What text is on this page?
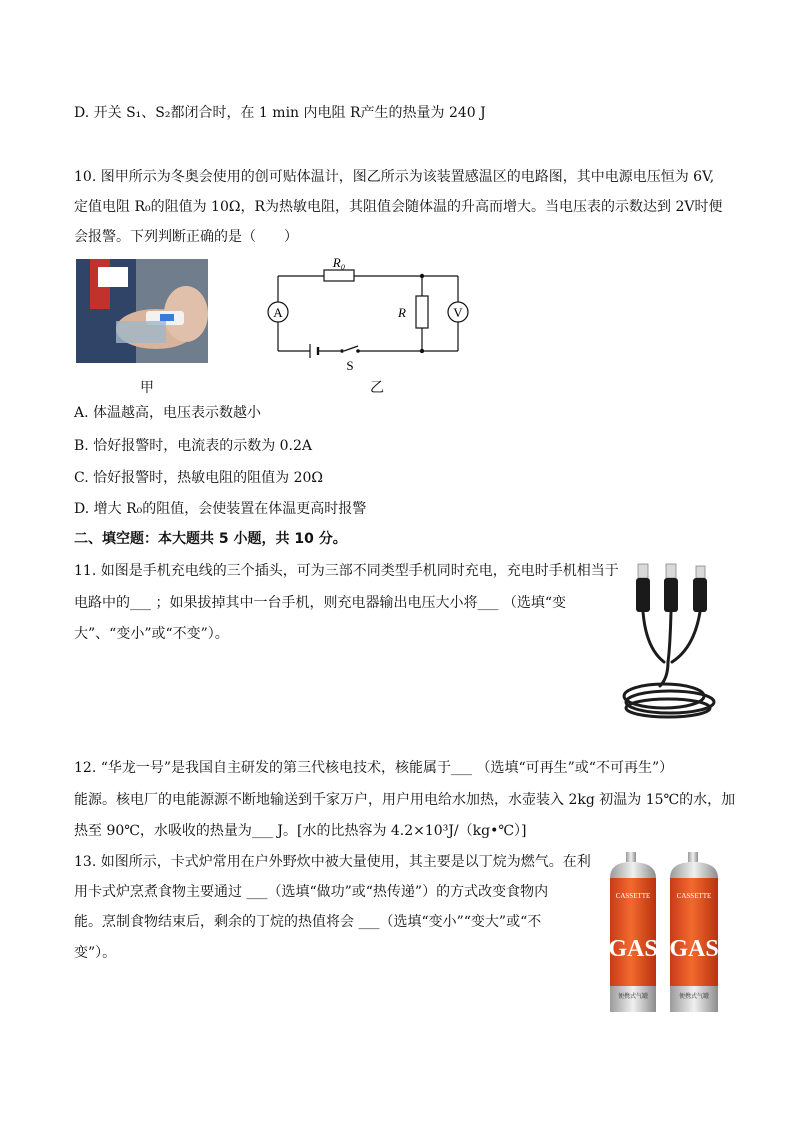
D. 开关 S₁、S₂都闭合时，在 1 min 内电阻 R产生的热量为 240 J
10. 图甲所示为冬奥会使用的创可贴体温计，图乙所示为该装置感温区的电路图，其中电源电压恒为 6V,
定值电阻 R₀的阻值为 10Ω，R为热敏电阻，其阻值会随体温的升高而增大。当电压表的示数达到 2V时便
会报警。下列判断正确的是（　　）
甲
A	V
R₀
R
S
乙
A. 体温越高，电压表示数越小
B. 恰好报警时，电流表的示数为 0.2A
C. 恰好报警时，热敏电阻的阻值为 20Ω
D. 增大 R₀的阻值，会使装置在体温更高时报警
二、填空题：本大题共 5 小题，共 10 分。
11. 如图是手机充电线的三个插头，可为三部不同类型手机同时充电，充电时手机相当于
电路中的___ ；如果拔掉其中一台手机，则充电器输出电压大小将___ （选填“变
大”、“变小”或“不变”）。
12. “华龙一号”是我国自主研发的第三代核电技术，核能属于___ （选填“可再生”或“不可再生”）
能源。核电厂的电能源源不断地输送到千家万户，用户用电给水加热，水壶装入 2kg 初温为 15℃的水，加
热至 90℃，水吸收的热量为___ J。[水的比热容为 4.2×10³J/（kg•℃）]
13. 如图所示，卡式炉常用在户外野炊中被大量使用，其主要是以丁烷为燃气。在利
用卡式炉烹煮食物主要通过 ___（选填“做功”或“热传递”）的方式改变食物内
能。烹制食物结束后，剩余的丁烷的热值将会 ___（选填“变小”“变大”或“不
变”）。
CASSETTE
GAS
便携式气罐
CASSETTE
GAS
便携式气罐
